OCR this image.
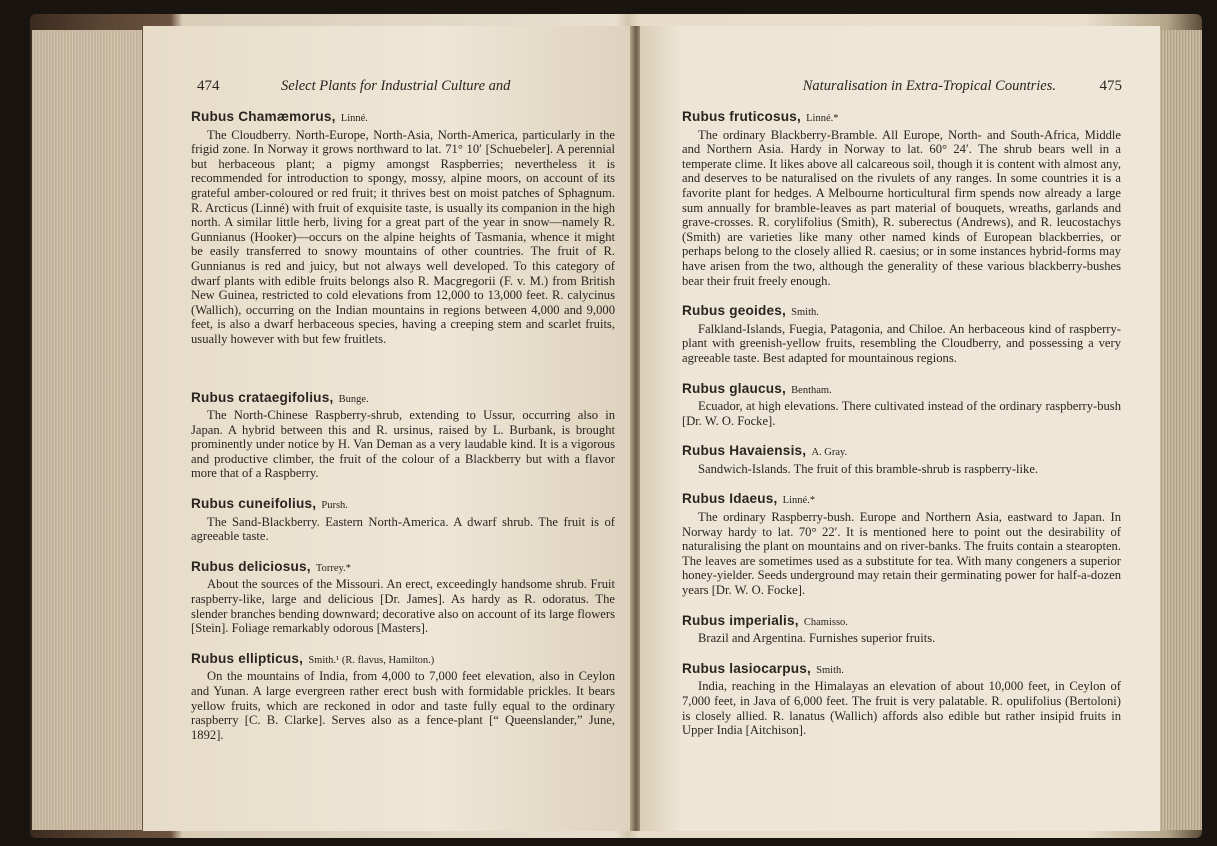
474	Select Plants for Industrial Culture and
Rubus Chamæmorus, Linné.

The Cloudberry. North-Europe, North-Asia, North-America, particularly in the frigid zone. In Norway it grows northward to lat. 71° 10′ [Schuebeler]. A perennial but herbaceous plant; a pigmy amongst Raspberries; nevertheless it is recommended for introduction to spongy, mossy, alpine moors, on account of its grateful amber-coloured or red fruit; it thrives best on moist patches of Sphagnum. R. Arcticus (Linné) with fruit of exquisite taste, is usually its companion in the high north. A similar little herb, living for a great part of the year in snow—namely R. Gunnianus (Hooker)—occurs on the alpine heights of Tasmania, whence it might be easily transferred to snowy mountains of other countries. The fruit of R. Gunnianus is red and juicy, but not always well developed. To this category of dwarf plants with edible fruits belongs also R. Macgregorii (F. v. M.) from British New Guinea, restricted to cold elevations from 12,000 to 13,000 feet. R. calycinus (Wallich), occurring on the Indian mountains in regions between 4,000 and 9,000 feet, is also a dwarf herbaceous species, having a creeping stem and scarlet fruits, usually however with but few fruitlets.

Rubus crataegifolius, Bunge.

The North-Chinese Raspberry-shrub, extending to Ussur, occurring also in Japan. A hybrid between this and R. ursinus, raised by L. Burbank, is brought prominently under notice by H. Van Deman as a very laudable kind. It is a vigorous and productive climber, the fruit of the colour of a Blackberry but with a flavor more that of a Raspberry.

Rubus cuneifolius, Pursh.

The Sand-Blackberry. Eastern North-America. A dwarf shrub. The fruit is of agreeable taste.

Rubus deliciosus, Torrey.*

About the sources of the Missouri. An erect, exceedingly handsome shrub. Fruit raspberry-like, large and delicious [Dr. James]. As hardy as R. odoratus. The slender branches bending downward; decorative also on account of its large flowers [Stein]. Foliage remarkably odorous [Masters].

Rubus ellipticus, Smith.¹ (R. flavus, Hamilton.)

On the mountains of India, from 4,000 to 7,000 feet elevation, also in Ceylon and Yunan. A large evergreen rather erect bush with formidable prickles. It bears yellow fruits, which are reckoned in odor and taste fully equal to the ordinary raspberry [C. B. Clarke]. Serves also as a fence-plant [“ Queenslander,” June, 1892].

Naturalisation in Extra-Tropical Countries.	475
Rubus fruticosus, Linné.*

The ordinary Blackberry-Bramble. All Europe, North- and South-Africa, Middle and Northern Asia. Hardy in Norway to lat. 60° 24′. The shrub bears well in a temperate clime. It likes above all calcareous soil, though it is content with almost any, and deserves to be naturalised on the rivulets of any ranges. In some countries it is a favorite plant for hedges. A Melbourne horticultural firm spends now already a large sum annually for bramble-leaves as part material of bouquets, wreaths, garlands and grave-crosses. R. corylifolius (Smith), R. suberectus (Andrews), and R. leucostachys (Smith) are varieties like many other named kinds of European blackberries, or perhaps belong to the closely allied R. caesius; or in some instances hybrid-forms may have arisen from the two, although the generality of these various blackberry-bushes bear their fruit freely enough.

Rubus geoides, Smith.

Falkland-Islands, Fuegia, Patagonia, and Chiloe. An herbaceous kind of raspberry-plant with greenish-yellow fruits, resembling the Cloudberry, and possessing a very agreeable taste. Best adapted for mountainous regions.

Rubus glaucus, Bentham.

Ecuador, at high elevations. There cultivated instead of the ordinary raspberry-bush [Dr. W. O. Focke].

Rubus Havaiensis, A. Gray.

Sandwich-Islands. The fruit of this bramble-shrub is raspberry-like.

Rubus Idaeus, Linné.*

The ordinary Raspberry-bush. Europe and Northern Asia, eastward to Japan. In Norway hardy to lat. 70° 22′. It is mentioned here to point out the desirability of naturalising the plant on mountains and on river-banks. The fruits contain a stearopten. The leaves are sometimes used as a substitute for tea. With many congeners a superior honey-yielder. Seeds underground may retain their germinating power for half-a-dozen years [Dr. W. O. Focke].

Rubus imperialis, Chamisso.

Brazil and Argentina. Furnishes superior fruits.

Rubus lasiocarpus, Smith.

India, reaching in the Himalayas an elevation of about 10,000 feet, in Ceylon of 7,000 feet, in Java of 6,000 feet. The fruit is very palatable. R. opulifolius (Bertoloni) is closely allied. R. lanatus (Wallich) affords also edible but rather insipid fruits in Upper India [Aitchison].
